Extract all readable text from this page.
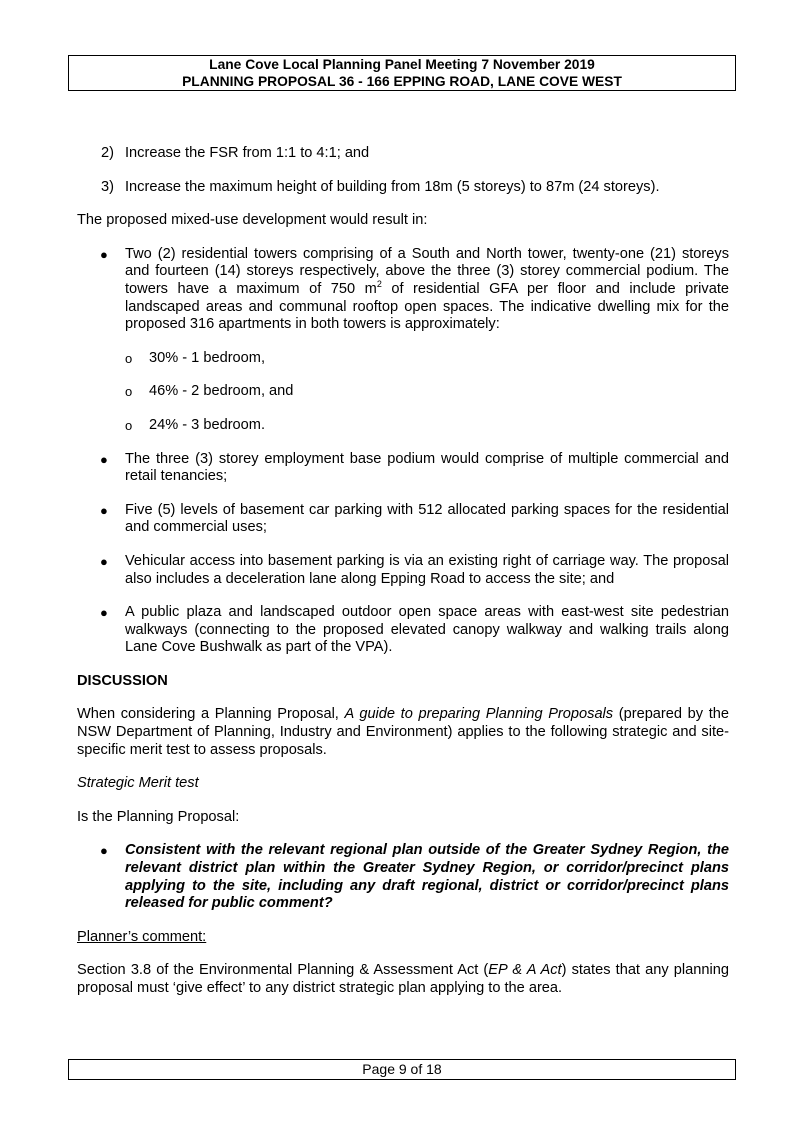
Lane Cove Local Planning Panel Meeting 7 November 2019
PLANNING PROPOSAL 36 - 166 EPPING ROAD, LANE COVE WEST
2) Increase the FSR from 1:1 to 4:1; and
3) Increase the maximum height of building from 18m (5 storeys) to 87m (24 storeys).

The proposed mixed-use development would result in:

●	Two (2) residential towers comprising of a South and North tower, twenty-one (21) storeys and fourteen (14) storeys respectively, above the three (3) storey commercial podium. The towers have a maximum of 750 $m^2$ of residential GFA per floor and include private landscaped areas and communal rooftop open spaces. The indicative dwelling mix for the proposed 316 apartments in both towers is approximately:
o	30% - 1 bedroom,
o	46% - 2 bedroom, and
o	24% - 3 bedroom.
●	The three (3) storey employment base podium would comprise of multiple commercial and retail tenancies;
●	Five (5) levels of basement car parking with 512 allocated parking spaces for the residential and commercial uses;
●	Vehicular access into basement parking is via an existing right of carriage way. The proposal also includes a deceleration lane along Epping Road to access the site; and
●	A public plaza and landscaped outdoor open space areas with east-west site pedestrian walkways (connecting to the proposed elevated canopy walkway and walking trails along Lane Cove Bushwalk as part of the VPA).

DISCUSSION

When considering a Planning Proposal, A guide to preparing Planning Proposals (prepared by the NSW Department of Planning, Industry and Environment) applies to the following strategic and site-specific merit test to assess proposals.

Strategic Merit test

Is the Planning Proposal:

●	Consistent with the relevant regional plan outside of the Greater Sydney Region, the relevant district plan within the Greater Sydney Region, or corridor/precinct plans applying to the site, including any draft regional, district or corridor/precinct plans released for public comment?

Planner’s comment:

Section 3.8 of the Environmental Planning & Assessment Act (EP & A Act) states that any planning proposal must ‘give effect’ to any district strategic plan applying to the area.

Page 9 of 18
